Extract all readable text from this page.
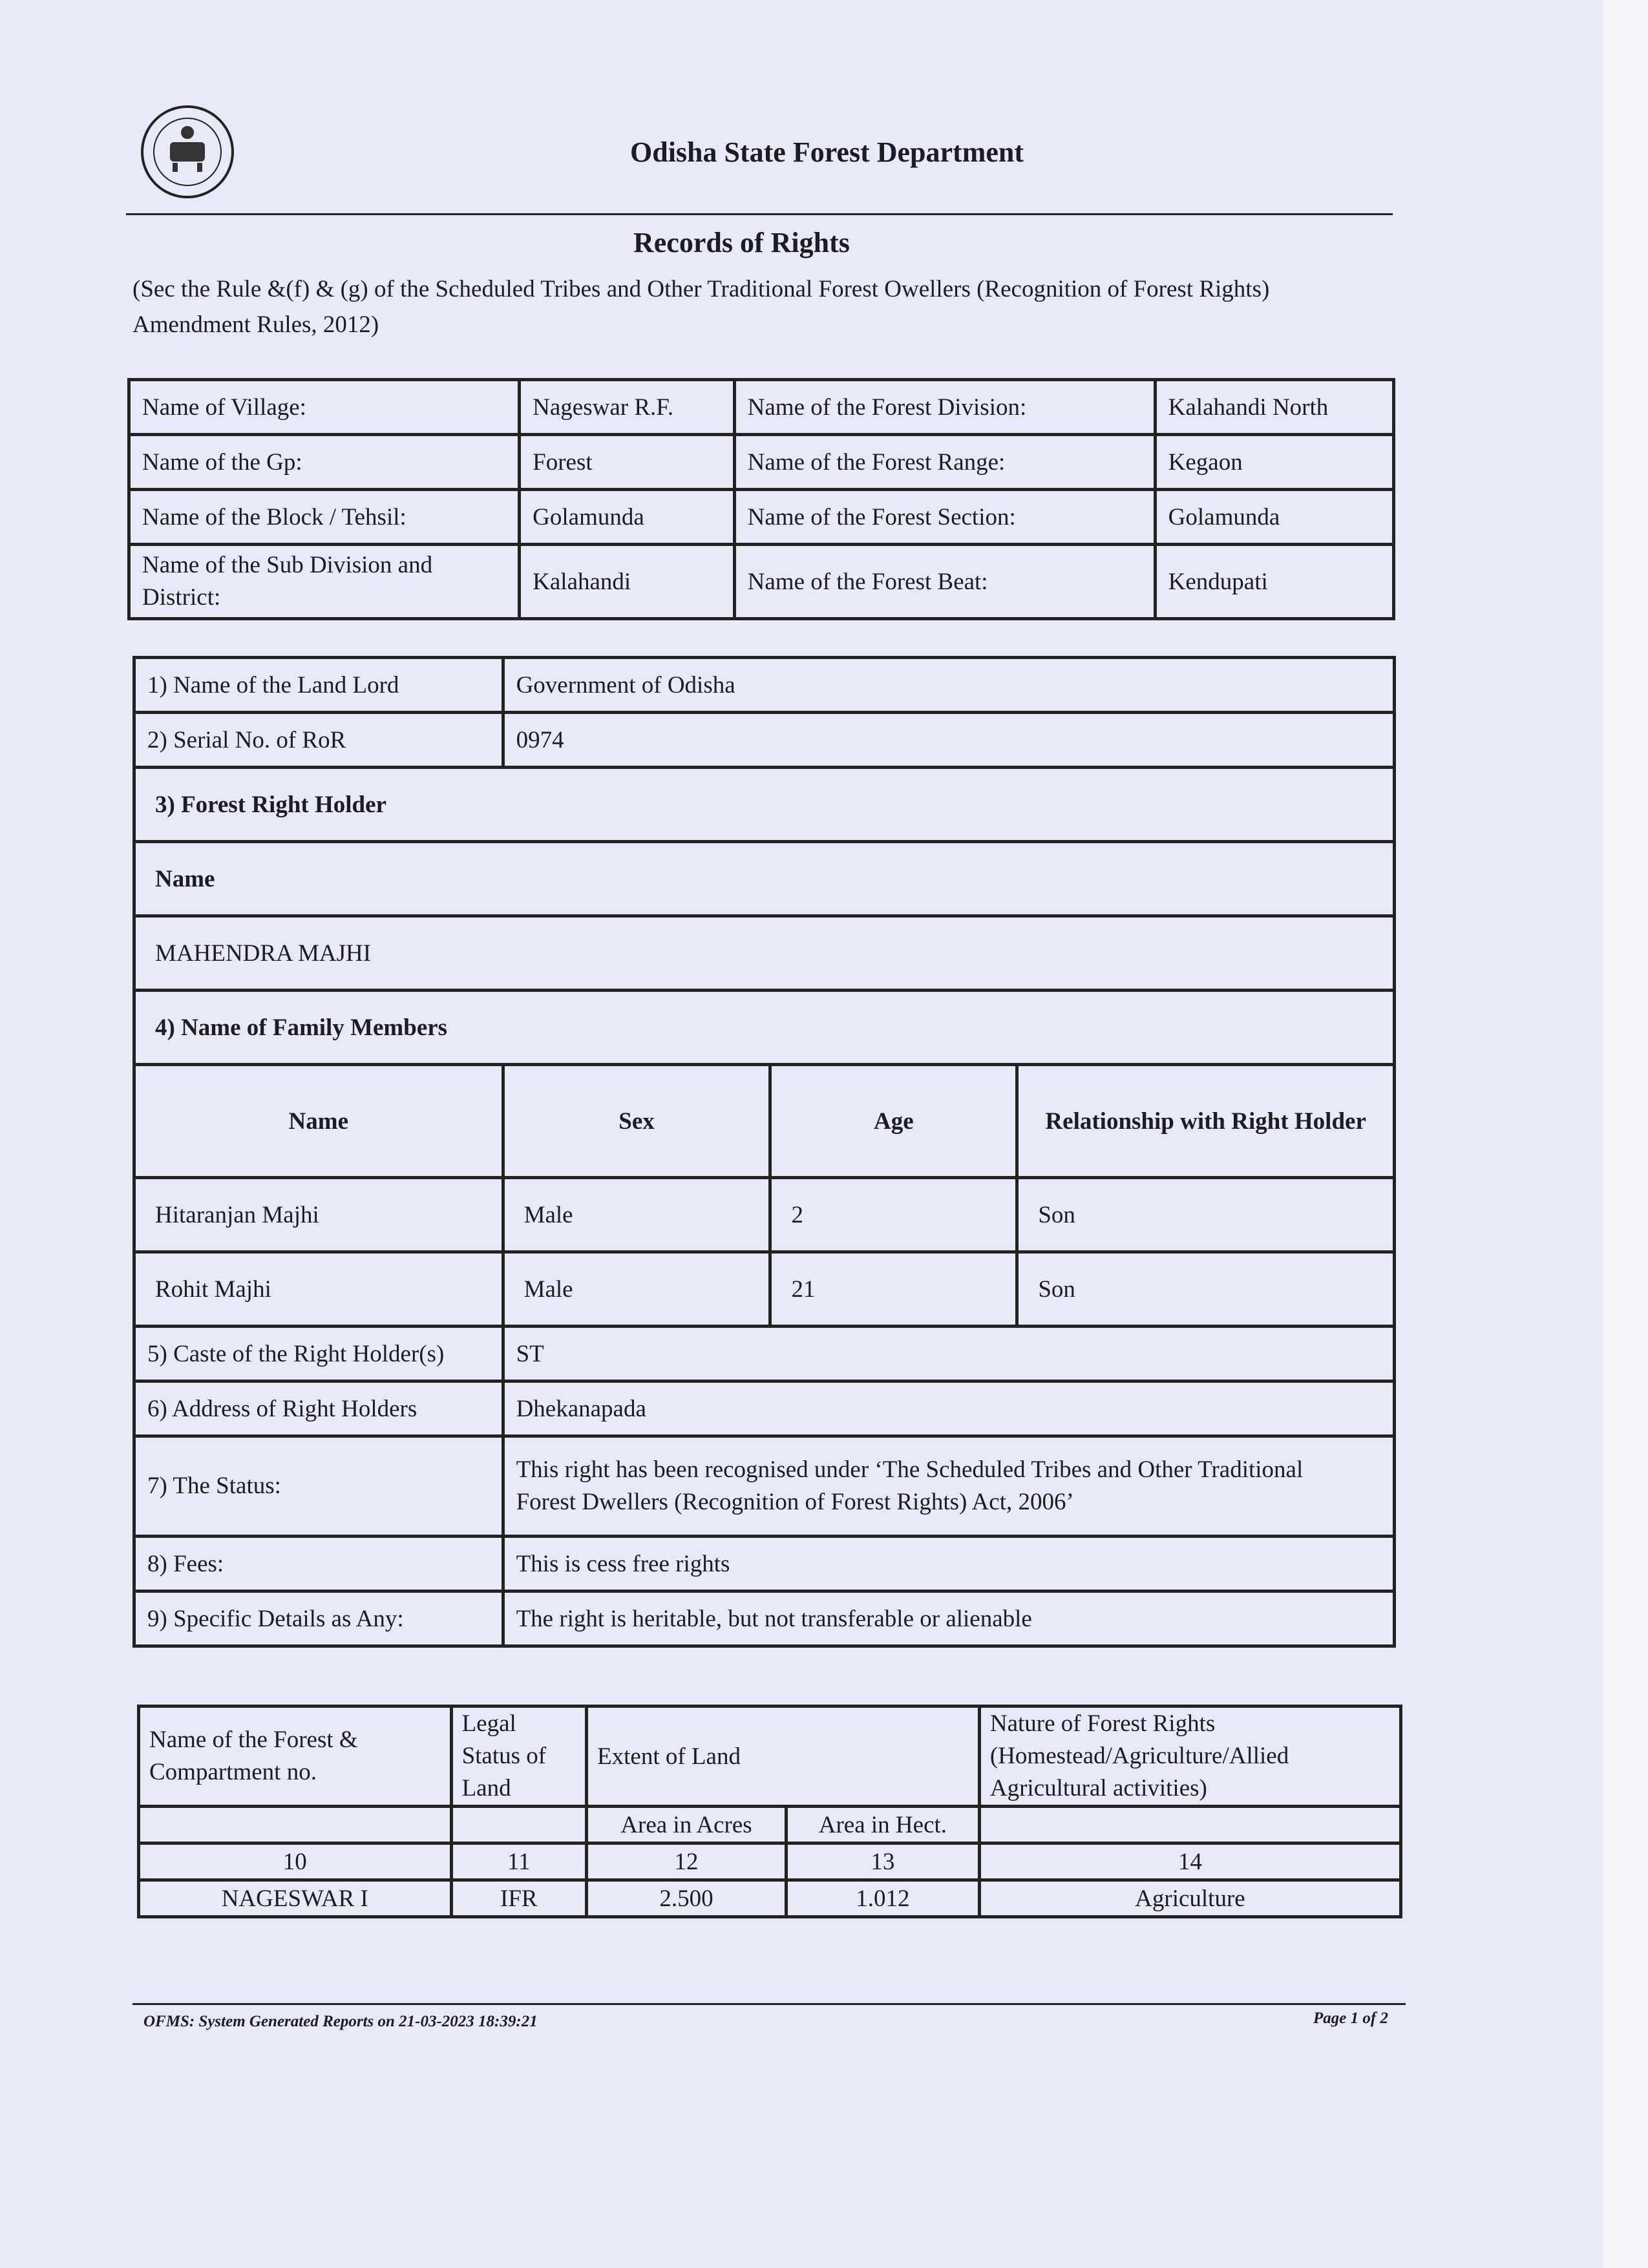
Odisha State Forest Department
Records of Rights
(Sec the Rule &(f) & (g) of the Scheduled Tribes and Other Traditional Forest Owellers (Recognition of Forest Rights) Amendment Rules, 2012)
Name of Village:	Nageswar R.F.	Name of the Forest Division:	Kalahandi North
Name of the Gp:	Forest	Name of the Forest Range:	Kegaon
Name of the Block / Tehsil:	Golamunda	Name of the Forest Section:	Golamunda
Name of the Sub Division and District:	Kalahandi	Name of the Forest Beat:	Kendupati
1) Name of the Land Lord	Government of Odisha		
2) Serial No. of RoR	0974		
3) Forest Right Holder			
Name			
MAHENDRA MAJHI			
4) Name of Family Members			
Name	Sex	Age	Relationship with Right Holder
Hitaranjan Majhi	Male	2	Son
Rohit Majhi	Male	21	Son
5) Caste of the Right Holder(s)	ST		
6) Address of Right Holders	Dhekanapada		
7) The Status:	This right has been recognised under ‘The Scheduled Tribes and Other Traditional
Forest Dwellers (Recognition of Forest Rights) Act, 2006’		

8) Fees:	This is cess free rights		
9) Specific Details as Any:	The right is heritable, but not transferable or alienable		
Name of the Forest & Compartment no.	Legal Status of Land	Extent of Land		Nature of Forest Rights (Homestead/Agriculture/Allied Agricultural activities)
		Area in Acres	Area in Hect.	
10	11	12	13	14
NAGESWAR I	IFR	2.500	1.012	Agriculture
OFMS: System Generated Reports on 21-03-2023 18:39:21	Page 1 of 2
